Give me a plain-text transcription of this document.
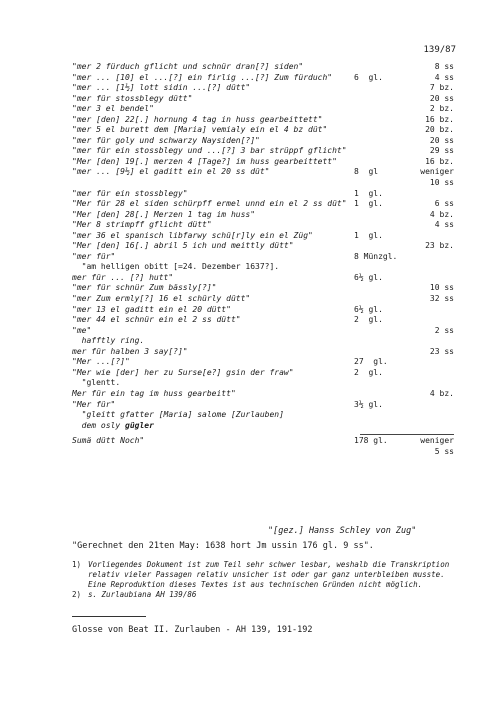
139/87
"mer 2 fürduch gflicht und schnür dran[?] siden"	8 ss
"mer ... [10] el ...[?] ein firlig ...[?] Zum fürduch"	6  gl.	4 ss
"mer ... [1½] lott sidin ...[?] dütt"	7 bz.
"mer für stossblegy dütt"	20 ss
"mer 3 el bendel"	2 bz.
"mer [den] 22[.] hornung 4 tag in huss gearbeittett"	16 bz.
"mer 5 el burett dem [Maria] vemialy ein el 4 bz düt"	20 bz.
"mer für goly und schwarzy Naysiden[?]"	20 ss
"mer für ein stossblegy und ...[?] 3 bar strüppf gflicht"	29 ss
"Mer [den] 19[.] merzen 4 [Tage?] im huss gearbeittett"	16 bz.
"mer ... [9½] el gaditt ein el 20 ss düt"	8  gl	weniger
10 ss
"mer für ein stossblegy"	1  gl.
"Mer für 28 el siden schürpff ermel unnd ein el 2 ss düt" 1  gl.	6 ss
"Mer [den] 28[.] Merzen 1 tag im huss"	4 bz.
"Mer 8 strimpff gflicht dütt"	4 ss
"mer 36 el spanisch libfarwy schü[r]ly ein el Züg"	1  gl.
"Mer [den] 16[.] abril 5 ich und meittly dütt"	23 bz.
"mer für"	8 Münzgl.
"am helligen obitt [=24. Dezember 1637?].
mer für ... [?] hutt"	6½ gl.
"mer für schnür Zum bässly[?]"	10 ss
"mer Zum ermly[?] 16 el schürly dütt"	32 ss
"mer 13 el gaditt ein el 20 dütt"	6½ gl.
"mer 44 el schnür ein el 2 ss dütt"	2  gl.
"me"	2 ss
hafftly ring.
mer für halben 3 say[?]"	23 ss
"Mer ...[?]"	27  gl.
"Mer wie [der] her zu Surse[e?] gsin der fraw"	2  gl.
"glentt.
Mer für ein tag im huss gearbeitt"	4 bz.
"Mer für"	3½ gl.
"gleitt gfatter [Maria] salome [Zurlauben]
dem osly gügler
Sumä dütt Noch"	178 gl.	weniger
5 ss
"[gez.] Hanss Schley von Zug"
"Gerechnet den 21ten May: 1638 hort Jm ussin 176 gl. 9 ss".
1) Vorliegendes Dokument ist zum Teil sehr schwer lesbar, weshalb die Transkription relativ vieler Passagen relativ unsicher ist oder gar ganz unterbleiben musste. Eine Reproduktion dieses Textes ist aus technischen Gründen nicht möglich.
2) s. Zurlaubiana AH 139/86
Glosse von Beat II. Zurlauben - AH 139, 191-192
